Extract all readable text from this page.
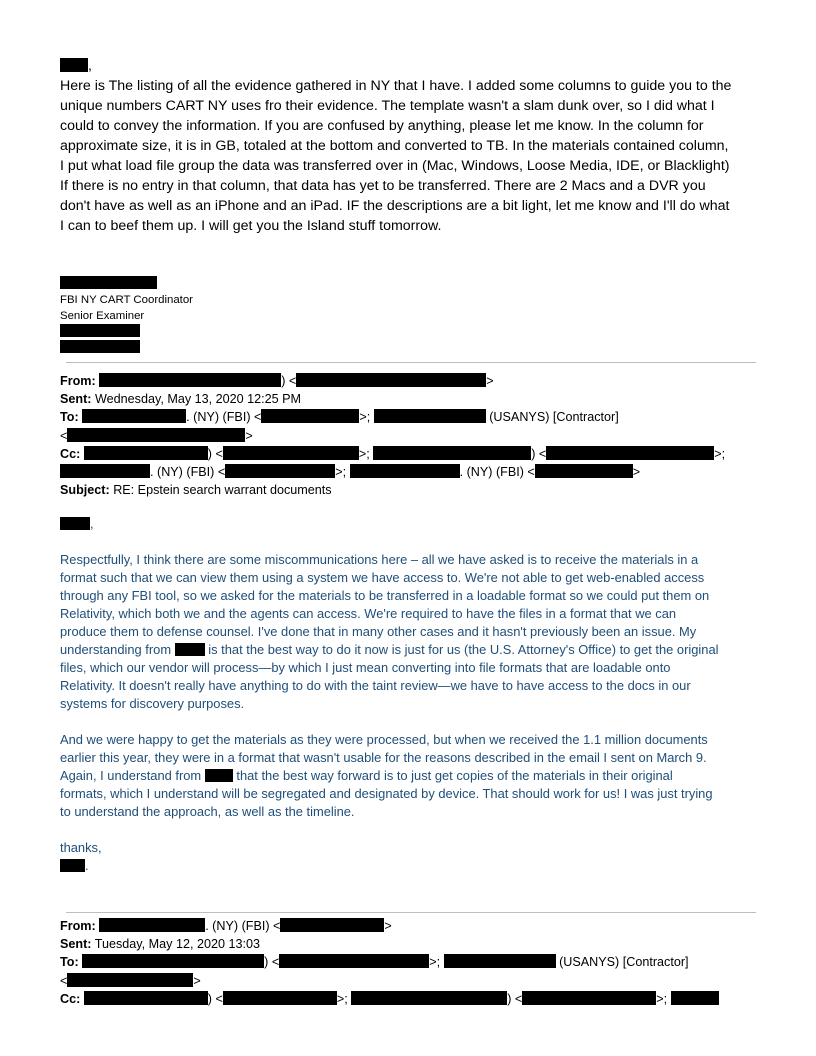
,
Here is The listing of all the evidence gathered in NY that I have. I added some columns to guide you to the
unique numbers CART NY uses fro their evidence. The template wasn't a slam dunk over, so I did what I
could to convey the information. If you are confused by anything, please let me know. In the column for
approximate size, it is in GB, totaled at the bottom and converted to TB. In the materials contained column,
I put what load file group the data was transferred over in (Mac, Windows, Loose Media, IDE, or Blacklight)
If there is no entry in that column, that data has yet to be transferred. There are 2 Macs and a DVR you
don't have as well as an iPhone and an iPad. IF the descriptions are a bit light, let me know and I'll do what
I can to beef them up. I will get you the Island stuff tomorrow.
FBI NY CART Coordinator
Senior Examiner
From:	) <	>
Sent: Wednesday, May 13, 2020 12:25 PM
To:	. (NY) (FBI) <	>;	(USANYS) [Contractor]
<	>
Cc:	) <	>;	) <	>;
. (NY) (FBI) <	>;	. (NY) (FBI) <	>
Subject: RE: Epstein search warrant documents
,
Respectfully, I think there are some miscommunications here – all we have asked is to receive the materials in a
format such that we can view them using a system we have access to. We're not able to get web-enabled access
through any FBI tool, so we asked for the materials to be transferred in a loadable format so we could put them on
Relativity, which both we and the agents can access. We're required to have the files in a format that we can
produce them to defense counsel. I've done that in many other cases and it hasn't previously been an issue. My
understanding from	is that the best way to do it now is just for us (the U.S. Attorney's Office) to get the original
files, which our vendor will process—by which I just mean converting into file formats that are loadable onto
Relativity. It doesn't really have anything to do with the taint review—we have to have access to the docs in our
systems for discovery purposes.
And we were happy to get the materials as they were processed, but when we received the 1.1 million documents
earlier this year, they were in a format that wasn't usable for the reasons described in the email I sent on March 9.
Again, I understand from	that the best way forward is to just get copies of the materials in their original
formats, which I understand will be segregated and designated by device. That should work for us! I was just trying
to understand the approach, as well as the timeline.
thanks,
.
From:	. (NY) (FBI) <	>
Sent: Tuesday, May 12, 2020 13:03
To:	) <	>;	(USANYS) [Contractor]
<	>
Cc:	) <	>;	) <	>;
